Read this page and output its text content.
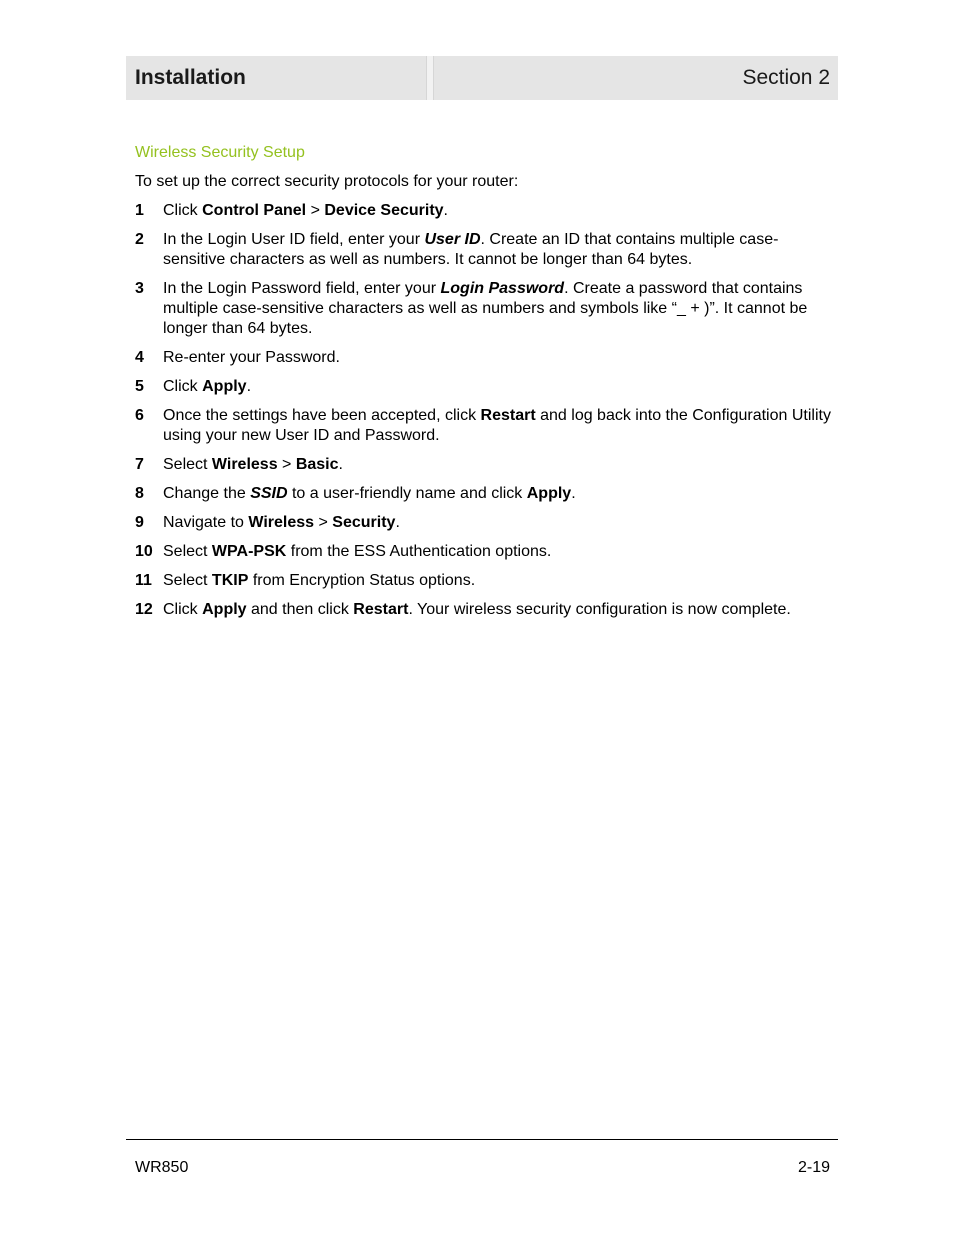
Installation	Section 2
Wireless Security Setup
To set up the correct security protocols for your router:
1	Click Control Panel > Device Security.
2	In the Login User ID field, enter your User ID. Create an ID that contains multiple case-sensitive characters as well as numbers. It cannot be longer than 64 bytes.
3	In the Login Password field, enter your Login Password. Create a password that contains multiple case-sensitive characters as well as numbers and symbols like “_ + )”. It cannot be longer than 64 bytes.
4	Re-enter your Password.
5	Click Apply.
6	Once the settings have been accepted, click Restart and log back into the Configuration Utility using your new User ID and Password.
7	Select Wireless > Basic.
8	Change the SSID to a user-friendly name and click Apply.
9	Navigate to Wireless > Security.
10 Select WPA-PSK from the ESS Authentication options.
11 Select TKIP from Encryption Status options.
12 Click Apply and then click Restart. Your wireless security configuration is now complete.
WR850	2-19
